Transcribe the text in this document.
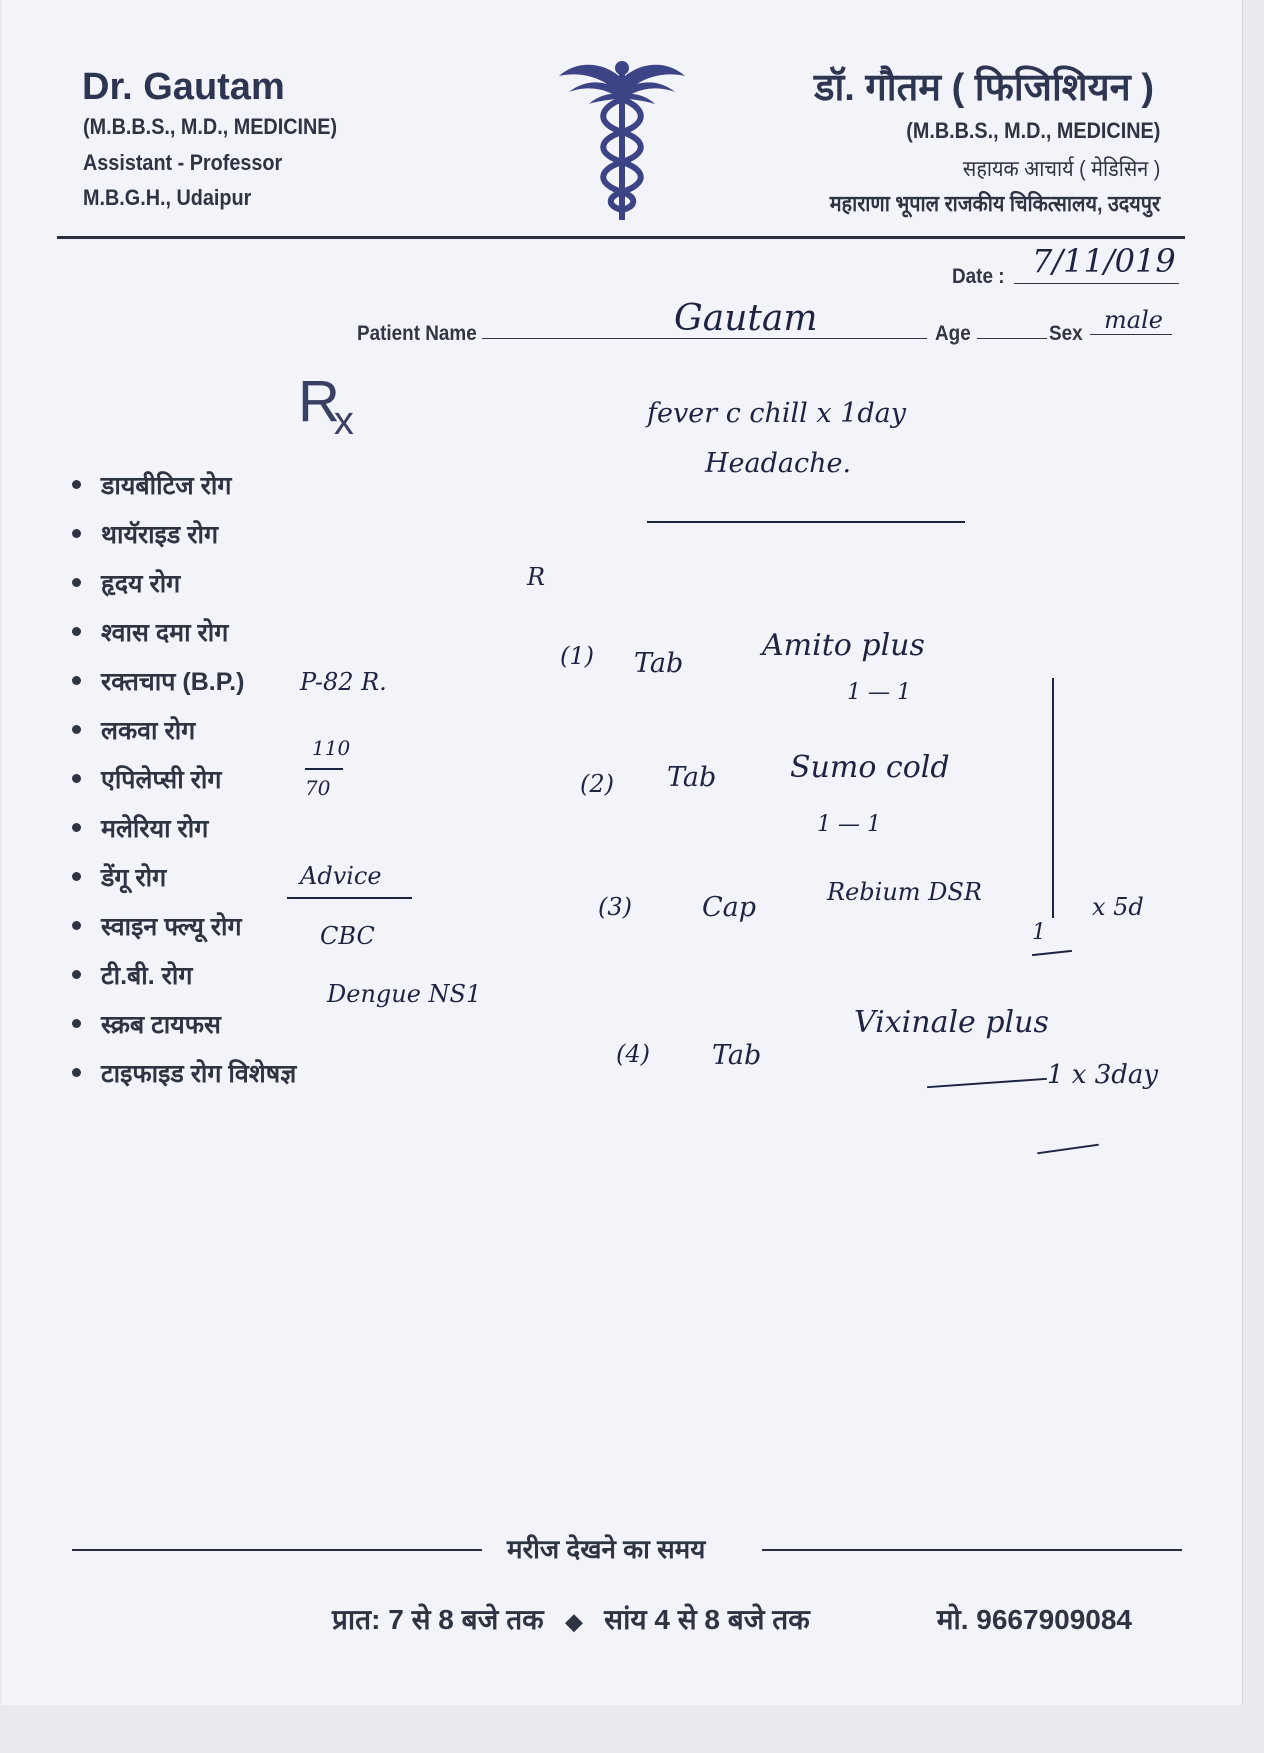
Dr. Gautam
(M.B.B.S., M.D., MEDICINE)
Assistant - Professor
M.B.G.H., Udaipur
डॉ. गौतम ( फिजिशियन )
(M.B.B.S., M.D., MEDICINE)
सहायक आचार्य ( मेडिसिन )
महाराणा भूपाल राजकीय चिकित्सालय, उदयपुर
Date : 7/11/019
Patient Name	Gautam	Age	Sex male
$R_x$
डायबीटिज रोग
थायॅराइड रोग
हृदय रोग
श्वास दमा रोग
रक्तचाप (B.P.)
लकवा रोग
एपिलेप्सी रोग
मलेरिया रोग
डेंगू रोग
स्वाइन फ्ल्यू रोग
टी.बी. रोग
स्क्रब टायफस
टाइफाइड रोग विशेषज्ञ
fever c chill x 1day
Headache.
R
P-82 R.
110
70
Advice
CBC
Dengue NS1
(1) Tab
Amito plus
1 — 1
(2) Tab Sumo cold
1 — 1
(3)	Cap	Rebium DSR
1
(4) Tab
Vixinale plus
1 x 3day
x 5d
मरीज देखने का समय
प्रात: 7 से 8 बजे तक ◆ सांय 4 से 8 बजे तक	मो. 9667909084
